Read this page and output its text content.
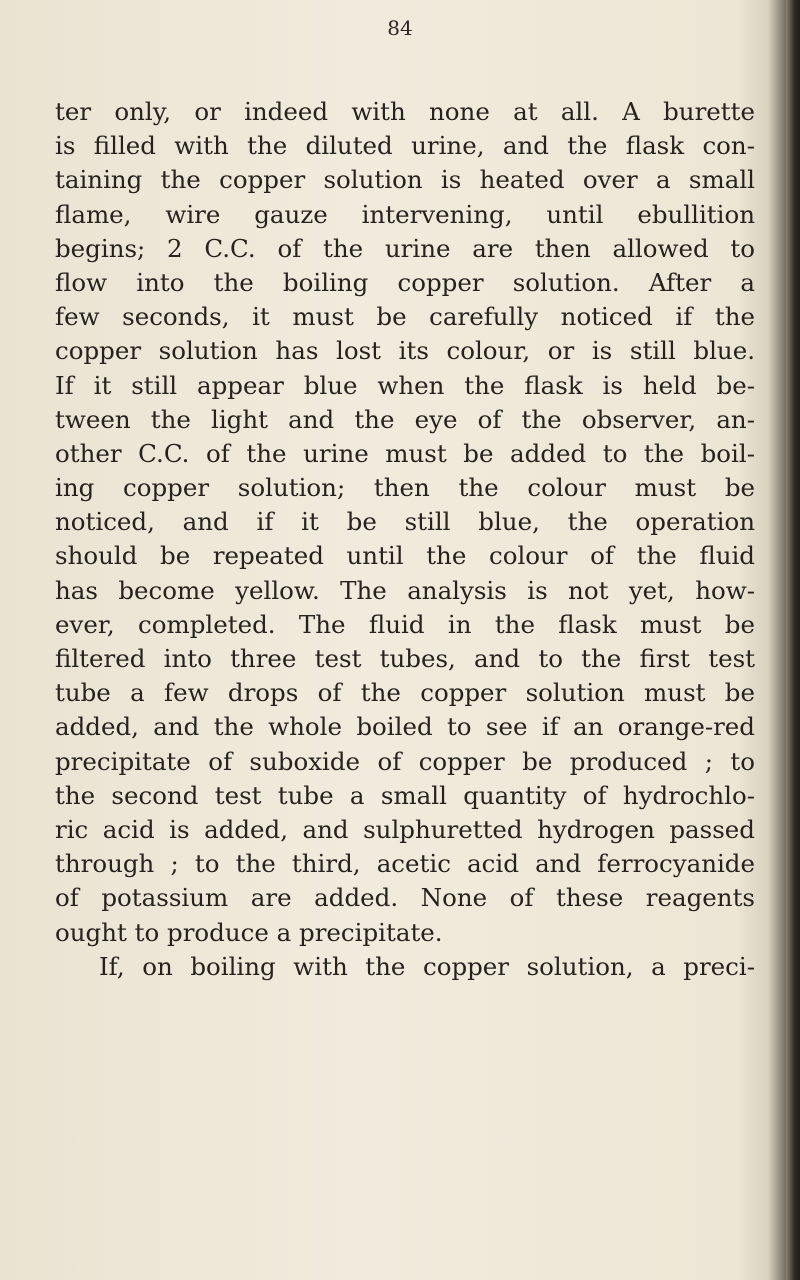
84
ter only, or indeed with none at all. A burette
is filled with the diluted urine, and the flask con-
taining the copper solution is heated over a small
flame, wire gauze intervening, until ebullition
begins; 2 C.C. of the urine are then allowed to
flow into the boiling copper solution. After a
few seconds, it must be carefully noticed if the
copper solution has lost its colour, or is still blue.
If it still appear blue when the flask is held be-
tween the light and the eye of the observer, an-
other C.C. of the urine must be added to the boil-
ing copper solution; then the colour must be
noticed, and if it be still blue, the operation
should be repeated until the colour of the fluid
has become yellow. The analysis is not yet, how-
ever, completed. The fluid in the flask must be
filtered into three test tubes, and to the first test
tube a few drops of the copper solution must be
added, and the whole boiled to see if an orange-red
precipitate of suboxide of copper be produced ; to
the second test tube a small quantity of hydrochlo-
ric acid is added, and sulphuretted hydrogen passed
through ; to the third, acetic acid and ferrocyanide
of potassium are added. None of these reagents
ought to produce a precipitate.
If, on boiling with the copper solution, a preci-
